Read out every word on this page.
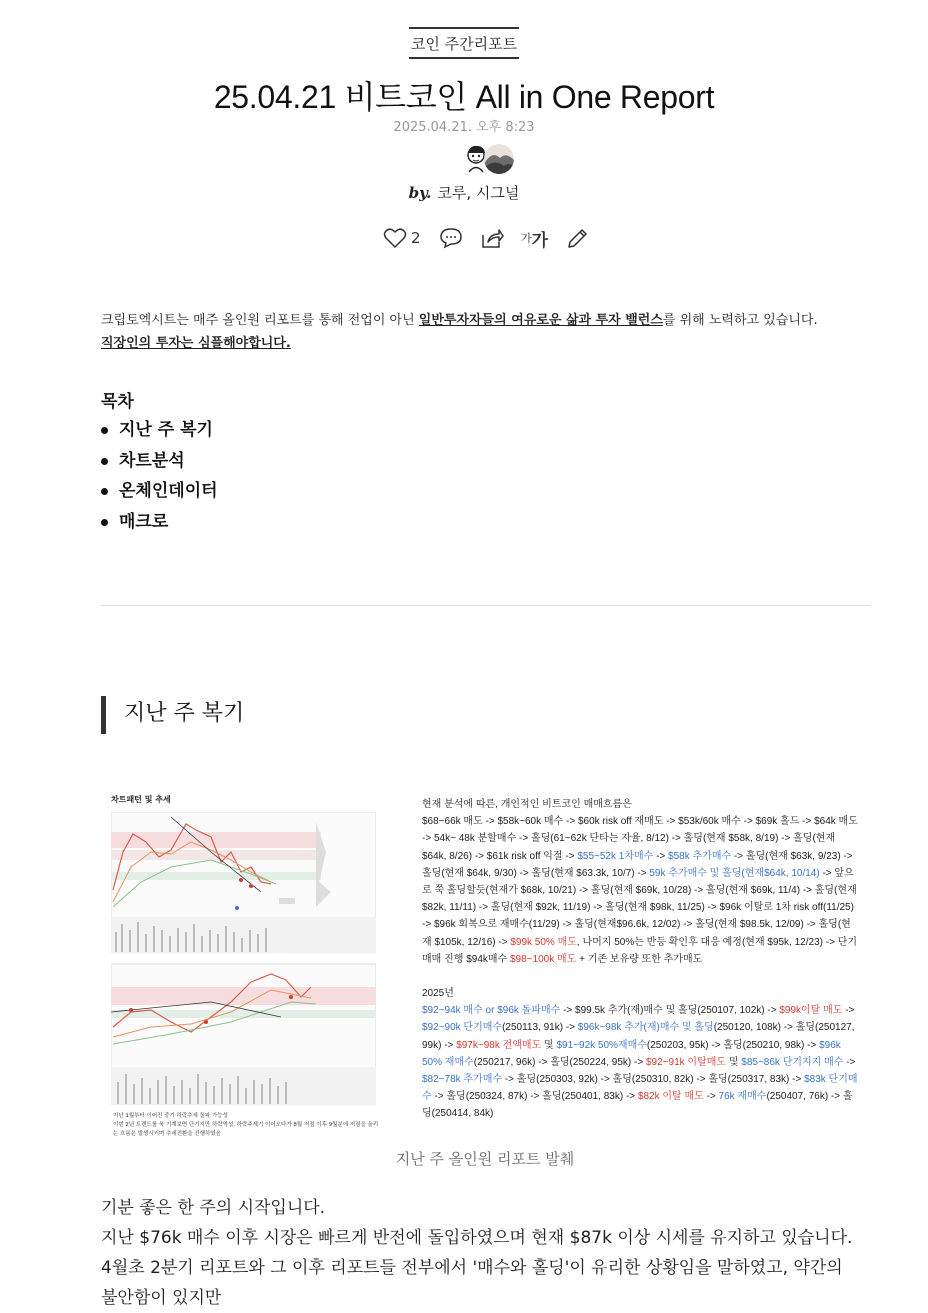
코인 주간리포트
25.04.21 비트코인 All in One Report
2025.04.21. 오후 8:23
by. 코루, 시그널
2	가 가
크립토엑시트는 매주 올인원 리포트를 통해 전업이 아닌 일반투자자들의 여유로운 삶과 투자 밸런스를 위해 노력하고 있습니다.
직장인의 투자는 심플해야합니다.
목차
지난 주 복기
차트분석
온체인데이터
매크로
지난 주 복기
차트패턴 및 추세
지난 1월부터 이어진 중기 하락추세 돌파 가능성
이번 2년 트렌드를 욱 기계보면 단기지만 하락역설, 하락주세기 이어오다가 8월 저점 이후 9월분에 저점을 올리는 흐름은 발생시키며 추세전환을 진행하였음

현재 분석에 따른, 개인적인 비트코인 매매흐름은

$68~66k 매도 -> $58k~60k 매수 -> $60k risk off 재매도 -> $53k/60k 매수 -> $69k 홀드 -> $64k 매도 -> 54k~ 48k 분할매수 -> 홀딩(61~62k 단타는 자율, 8/12) -> 홀딩(현재 $58k, 8/19) -> 홀딩(현재 $64k, 8/26) -> $61k risk off 익절 -> $55~52k 1차매수 -> $58k 추가매수 -> 홀딩(현재 $63k, 9/23) -> 홀딩(현재 $64k, 9/30) -> 홀딩(현재 $63.3k, 10/7) -> 59k 추가매수 및 홀딩(현재$64k, 10/14) -> 앞으로 쭉 홀딩할듯(현재가 $68k, 10/21) -> 홀딩(현재 $69k, 10/28) -> 홀딩(현재 $69k, 11/4) -> 홀딩(현재 $82k, 11/11) -> 홀딩(현재 $92k, 11/19) -> 홀딩(현재 $98k, 11/25) -> $96k 이탈로 1차 risk off(11/25) -> $96k 회복으로 재매수(11/29) -> 홀딩(현재$96.6k, 12/02) -> 홀딩(현재 $98.5k, 12/09) -> 홀딩(현재 $105k, 12/16) -> $99k 50% 매도, 나머지 50%는 반등 확인후 대응 예정(현재 $95k, 12/23) -> 단기매매 진행 $94k매수 $98~100k 매도 + 기존 보유량 또한 추가매도

2025년

$92~94k 매수 or $96k 돌파매수 -> $99.5k 추가(재)매수 및 홀딩(250107, 102k) -> $99k이탈 매도 -> $92~90k 단기매수(250113, 91k) -> $96k~98k 추가(재)매수 및 홀딩(250120, 108k) -> 홀딩(250127, 99k) -> $97k~98k 전액매도 및 $91~92k 50%재매수(250203, 95k) -> 홀딩(250210, 98k) -> $96k 50% 재매수(250217, 96k) -> 홀딩(250224, 95k) -> $92~91k 이탈매도 및 $85~86k 단기지지 매수 -> $82~78k 추가매수 -> 홀딩(250303, 92k) -> 홀딩(250310, 82k) -> 홀딩(250317, 83k) -> $83k 단기매수 -> 홀딩(250324, 87k) -> 홀딩(250401, 83k) -> $82k 이탈 매도 -> 76k 재매수(250407, 76k) -> 홀딩(250414, 84k)

지난 주 올인원 리포트 발췌

기분 좋은 한 주의 시작입니다.

지난 $76k 매수 이후 시장은 빠르게 반전에 돌입하였으며 현재 $87k 이상 시세를 유지하고 있습니다. 4월초 2분기 리포트와 그 이후 리포트들 전부에서 '매수와 홀딩'이 유리한 상황임을 말하였고, 약간의 불안함이 있지만
